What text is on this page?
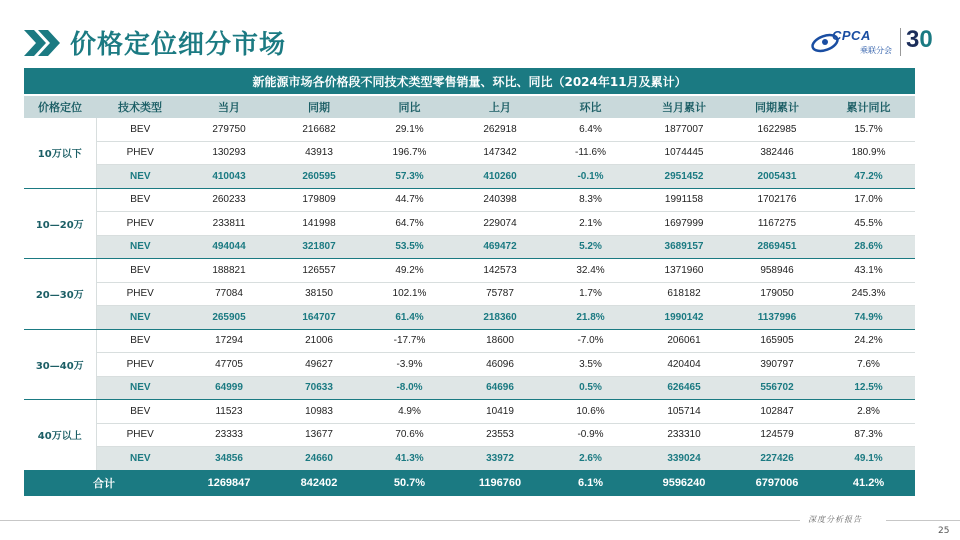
价格定位细分市场	CPCA
乘联分会 30
新能源市场各价格段不同技术类型零售销量、环比、同比（2024年11月及累计）									
价格定位	技术类型	当月	同期	同比	上月	环比	当月累计	同期累计	累计同比
10万以下	BEV	279750	216682	29.1%	262918	6.4%	1877007	1622985	15.7%
	PHEV	130293	43913	196.7%	147342	-11.6%	1074445	382446	180.9%
	NEV	410043	260595	57.3%	410260	-0.1%	2951452	2005431	47.2%
10—20万	BEV	260233	179809	44.7%	240398	8.3%	1991158	1702176	17.0%
	PHEV	233811	141998	64.7%	229074	2.1%	1697999	1167275	45.5%
	NEV	494044	321807	53.5%	469472	5.2%	3689157	2869451	28.6%
20—30万	BEV	188821	126557	49.2%	142573	32.4%	1371960	958946	43.1%
	PHEV	77084	38150	102.1%	75787	1.7%	618182	179050	245.3%
	NEV	265905	164707	61.4%	218360	21.8%	1990142	1137996	74.9%
30—40万	BEV	17294	21006	-17.7%	18600	-7.0%	206061	165905	24.2%
	PHEV	47705	49627	-3.9%	46096	3.5%	420404	390797	7.6%
	NEV	64999	70633	-8.0%	64696	0.5%	626465	556702	12.5%
40万以上	BEV	11523	10983	4.9%	10419	10.6%	105714	102847	2.8%
	PHEV	23333	13677	70.6%	23553	-0.9%	233310	124579	87.3%
	NEV	34856	24660	41.3%	33972	2.6%	339024	227426	49.1%
合计		1269847	842402	50.7%	1196760	6.1%	9596240	6797006	41.2%
*NEV= BEV+PHEV
深度分析报告
25
